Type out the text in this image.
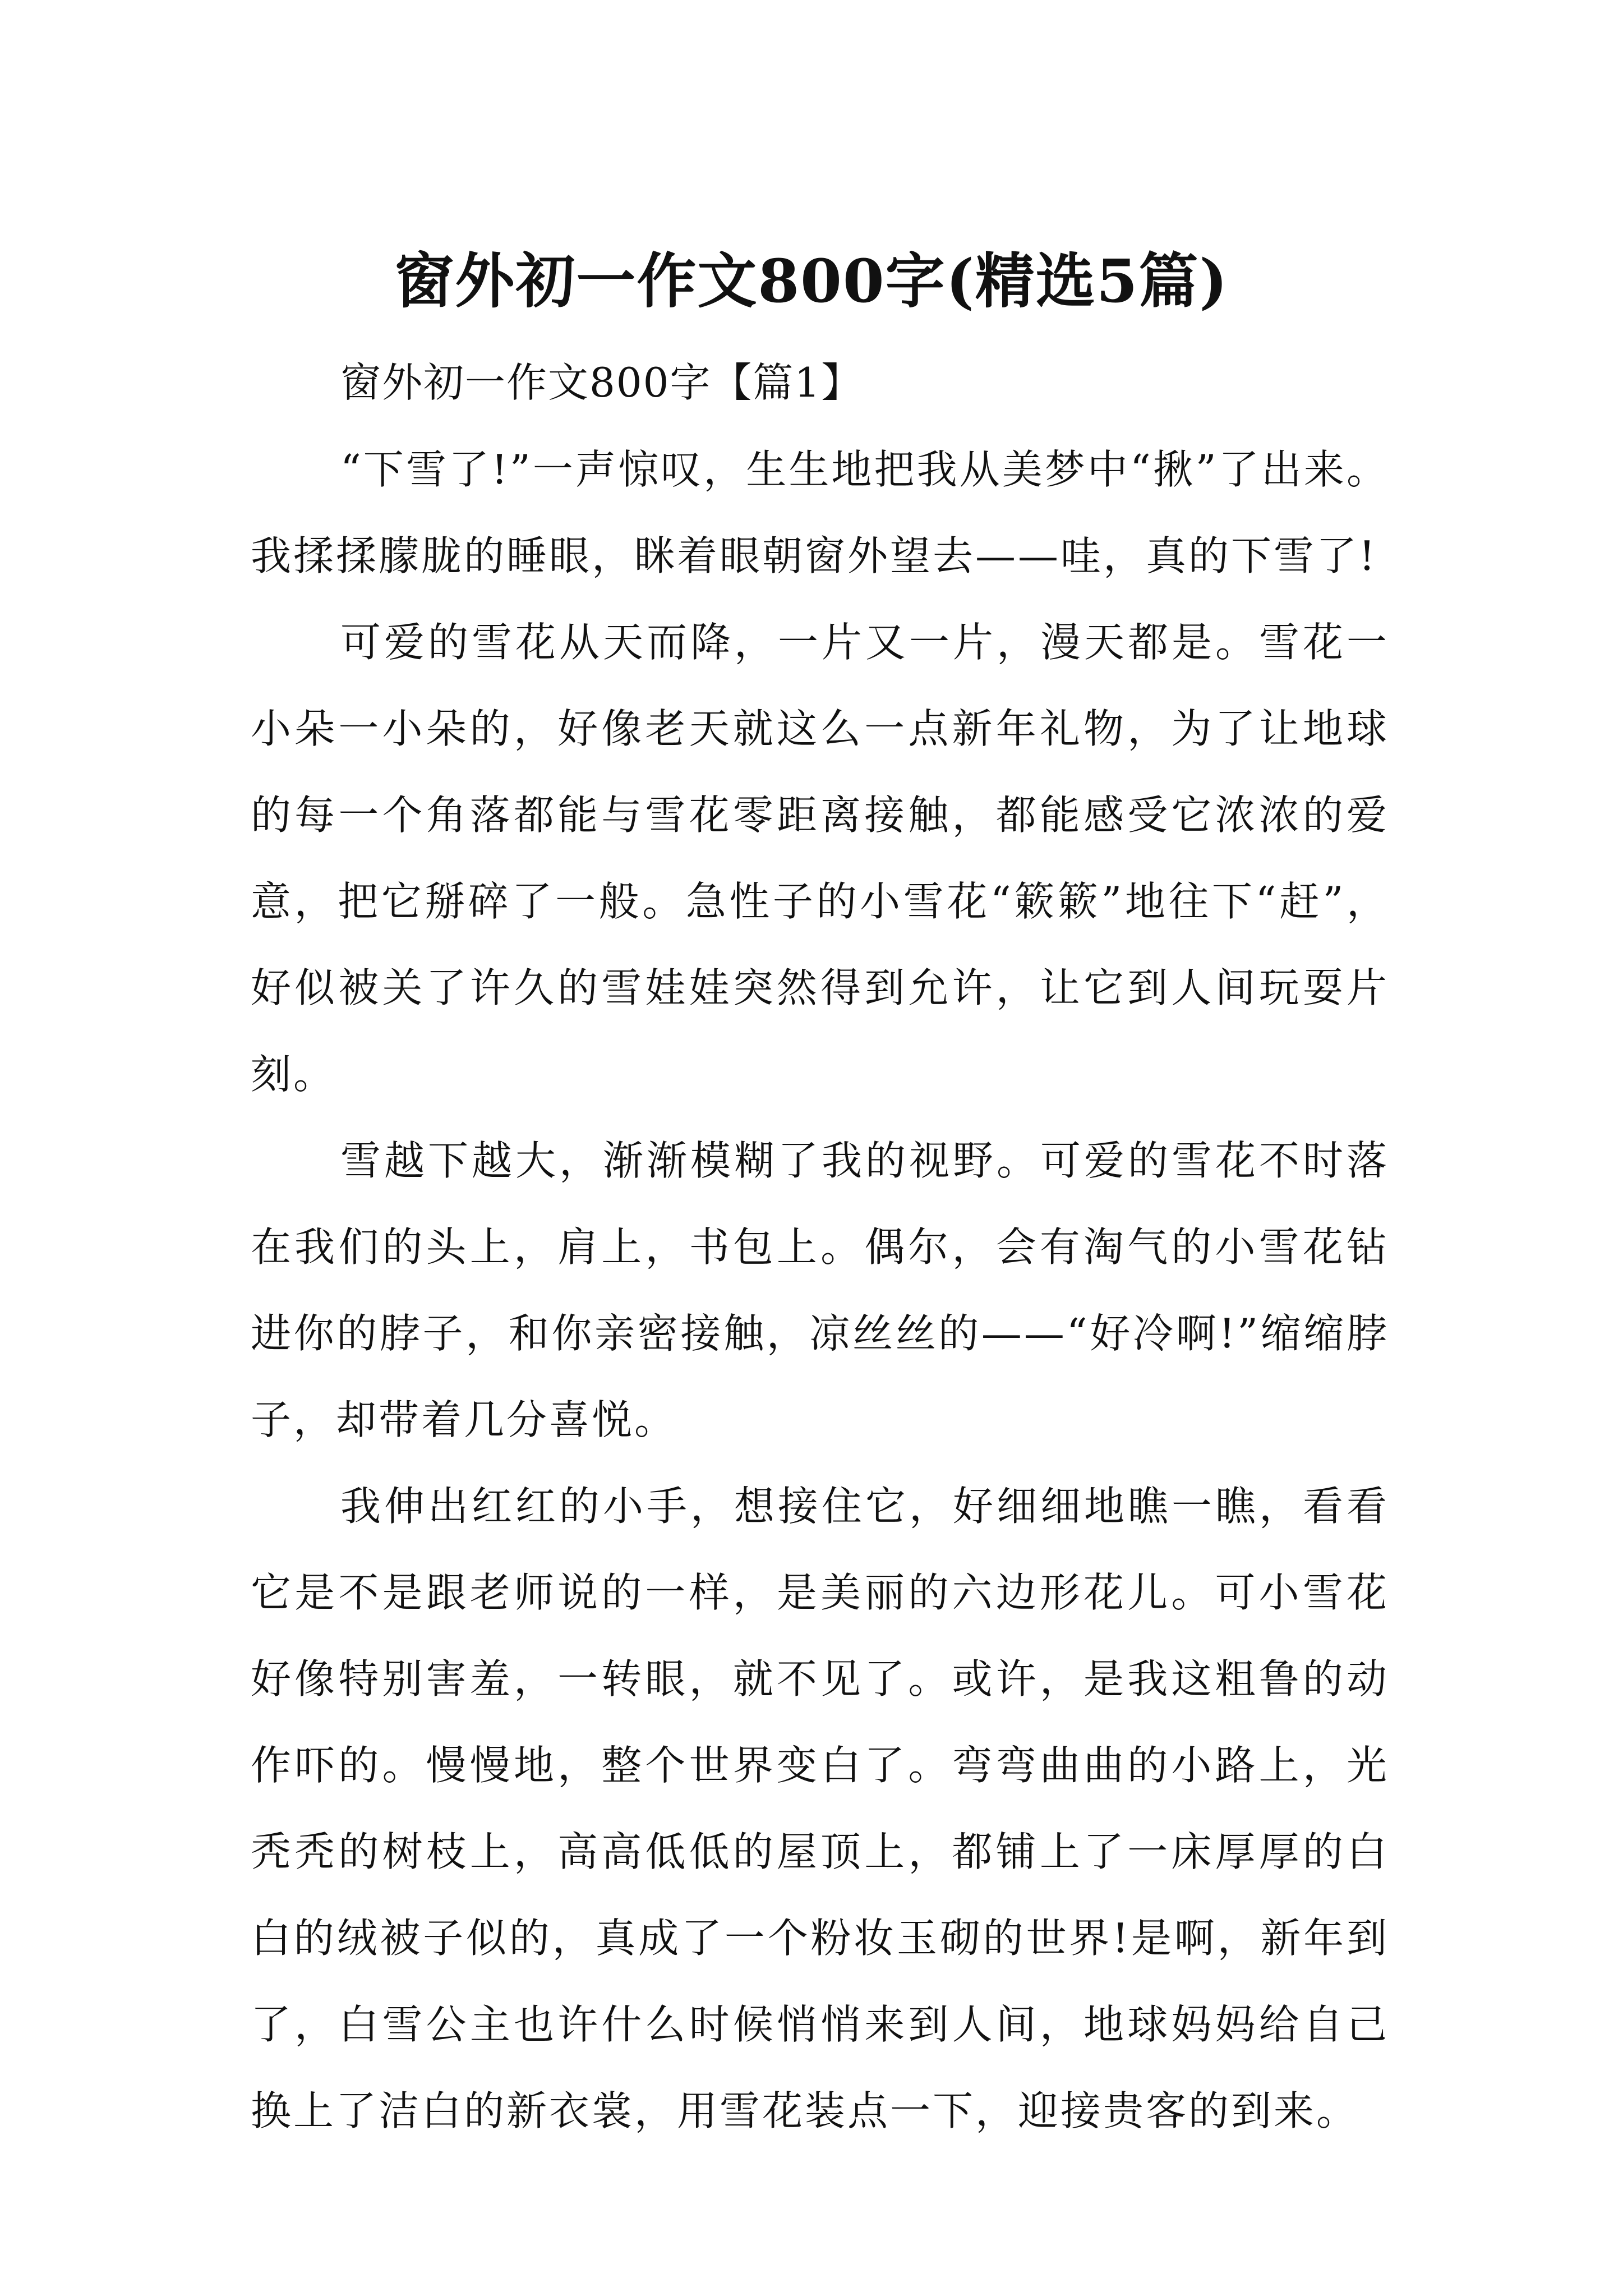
窗外初一作文800字(精选5篇)

窗外初一作文800字【篇1】

“下雪了!”一声惊叹，生生地把我从美梦中“揪”了出来。我揉揉朦胧的睡眼，眯着眼朝窗外望去——哇，真的下雪了!

可爱的雪花从天而降，一片又一片，漫天都是。雪花一小朵一小朵的，好像老天就这么一点新年礼物，为了让地球的每一个角落都能与雪花零距离接触，都能感受它浓浓的爱意，把它掰碎了一般。急性子的小雪花“簌簌”地往下“赶”，好似被关了许久的雪娃娃突然得到允许，让它到人间玩耍片刻。

雪越下越大，渐渐模糊了我的视野。可爱的雪花不时落在我们的头上，肩上，书包上。偶尔，会有淘气的小雪花钻进你的脖子，和你亲密接触，凉丝丝的——“好冷啊!”缩缩脖子，却带着几分喜悦。

我伸出红红的小手，想接住它，好细细地瞧一瞧，看看它是不是跟老师说的一样，是美丽的六边形花儿。可小雪花好像特别害羞，一转眼，就不见了。或许，是我这粗鲁的动作吓的。慢慢地，整个世界变白了。弯弯曲曲的小路上，光秃秃的树枝上，高高低低的屋顶上，都铺上了一床厚厚的白白的绒被子似的，真成了一个粉妆玉砌的世界!是啊，新年到了，白雪公主也许什么时候悄悄来到人间，地球妈妈给自己换上了洁白的新衣裳，用雪花装点一下，迎接贵客的到来。
